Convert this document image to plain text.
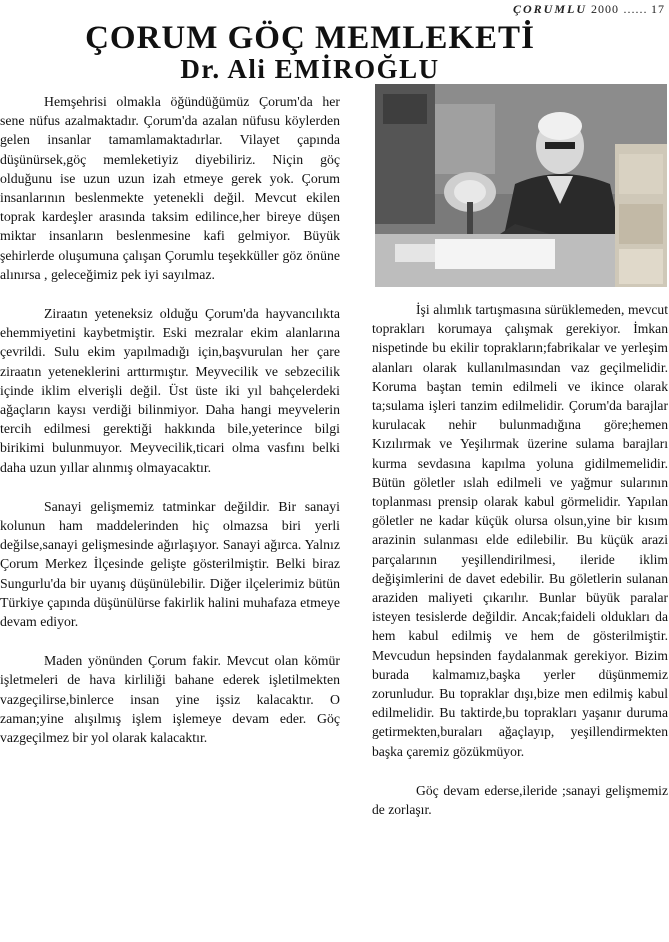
ÇORUMLU 2000 …… 17
ÇORUM GÖÇ MEMLEKETİ
Dr. Ali EMİROĞLU

Hemşehrisi olmakla öğündüğümüz Çorum'da her sene nüfus azalmaktadır. Çorum'da azalan nüfusu köylerden gelen insanlar tamamlamaktadırlar. Vilayet çapında düşünürsek,göç memleketiyiz diyebiliriz. Niçin göç olduğunu ise uzun uzun izah etmeye gerek yok. Çorum insanlarının beslenmekte yetenekli değil. Mevcut ekilen toprak kardeşler arasında taksim edilince,her bireye düşen miktar insanların beslenmesine kafi gelmiyor. Büyük şehirlerde oluşumuna çalışan Çorumlu teşekküller göz önüne alınırsa , geleceğimiz pek iyi sayılmaz.

Ziraatın yeteneksiz olduğu Çorum'da hayvancılıkta ehemmiyetini kaybetmiştir. Eski mezralar ekim alanlarına çevrildi. Sulu ekim yapılmadığı için,başvurulan her çare ziraatın yeteneklerini arttırmıştır. Meyvecilik ve sebzecilik içinde iklim elverişli değil. Üst üste iki yıl bahçelerdeki ağaçların kaysı verdiği bilinmiyor. Daha hangi meyvelerin tercih edilmesi gerektiği hakkında bile,yeterince bilgi birikimi bulunmuyor. Meyvecilik,ticari olma vasfını belki daha uzun yıllar alınmış olmayacaktır.

Sanayi gelişmemiz tatminkar değildir. Bir sanayi kolunun ham maddelerinden hiç olmazsa biri yerli değilse,sanayi gelişmesinde ağırlaşıyor. Sanayi ağırca. Yalnız Çorum Merkez İlçesinde gelişte gösterilmiştir. Belki biraz Sungurlu'da bir uyanış düşünülebilir. Diğer ilçelerimiz bütün Türkiye çapında düşünülürse fakirlik halini muhafaza etmeye devam ediyor.

Maden yönünden Çorum fakir. Mevcut olan kömür işletmeleri de hava kirliliği bahane ederek işletilmekten vazgeçilirse,binlerce insan yine işsiz kalacaktır. O zaman;yine alışılmış işlem işlemeye devam eder. Göç vazgeçilmez bir yol olarak kalacaktır.

İşi alımlık tartışmasına sürüklemeden, mevcut toprakları korumaya çalışmak gerekiyor. İmkan nispetinde bu ekilir toprakların;fabrikalar ve yerleşim alanları olarak kullanılmasından vaz geçilmelidir. Koruma baştan temin edilmeli ve ikince olarak ta;sulama işleri tanzim edilmelidir. Çorum'da barajlar kurulacak nehir bulunmadığına göre;hemen Kızılırmak ve Yeşilırmak üzerine sulama barajları kurma sevdasına kapılma yoluna gidilmemelidir. Bütün göletler ıslah edilmeli ve yağmur sularının toplanması prensip olarak kabul görmelidir. Yapılan göletler ne kadar küçük olursa olsun,yine bir kısım arazinin sulanması elde edilebilir. Bu küçük arazi parçalarının yeşillendirilmesi, ileride iklim değişimlerini de davet edebilir. Bu göletlerin sulanan araziden maliyeti çıkarılır. Bunlar büyük paralar isteyen tesislerde değildir. Ancak;faideli oldukları da hem kabul edilmiş ve hem de gösterilmiştir. Mevcudun hepsinden faydalanmak gerekiyor. Bizim burada kalmamız,başka yerler düşünmemiz zorunludur. Bu topraklar dışı,bize men edilmiş kabul edilmelidir. Bu taktirde,bu toprakları yaşanır duruma getirmekten,buraları ağaçlayıp, yeşillendirmekten başka çaremiz gözükmüyor.

Göç devam ederse,ileride ;sanayi gelişmemiz de zorlaşır.
